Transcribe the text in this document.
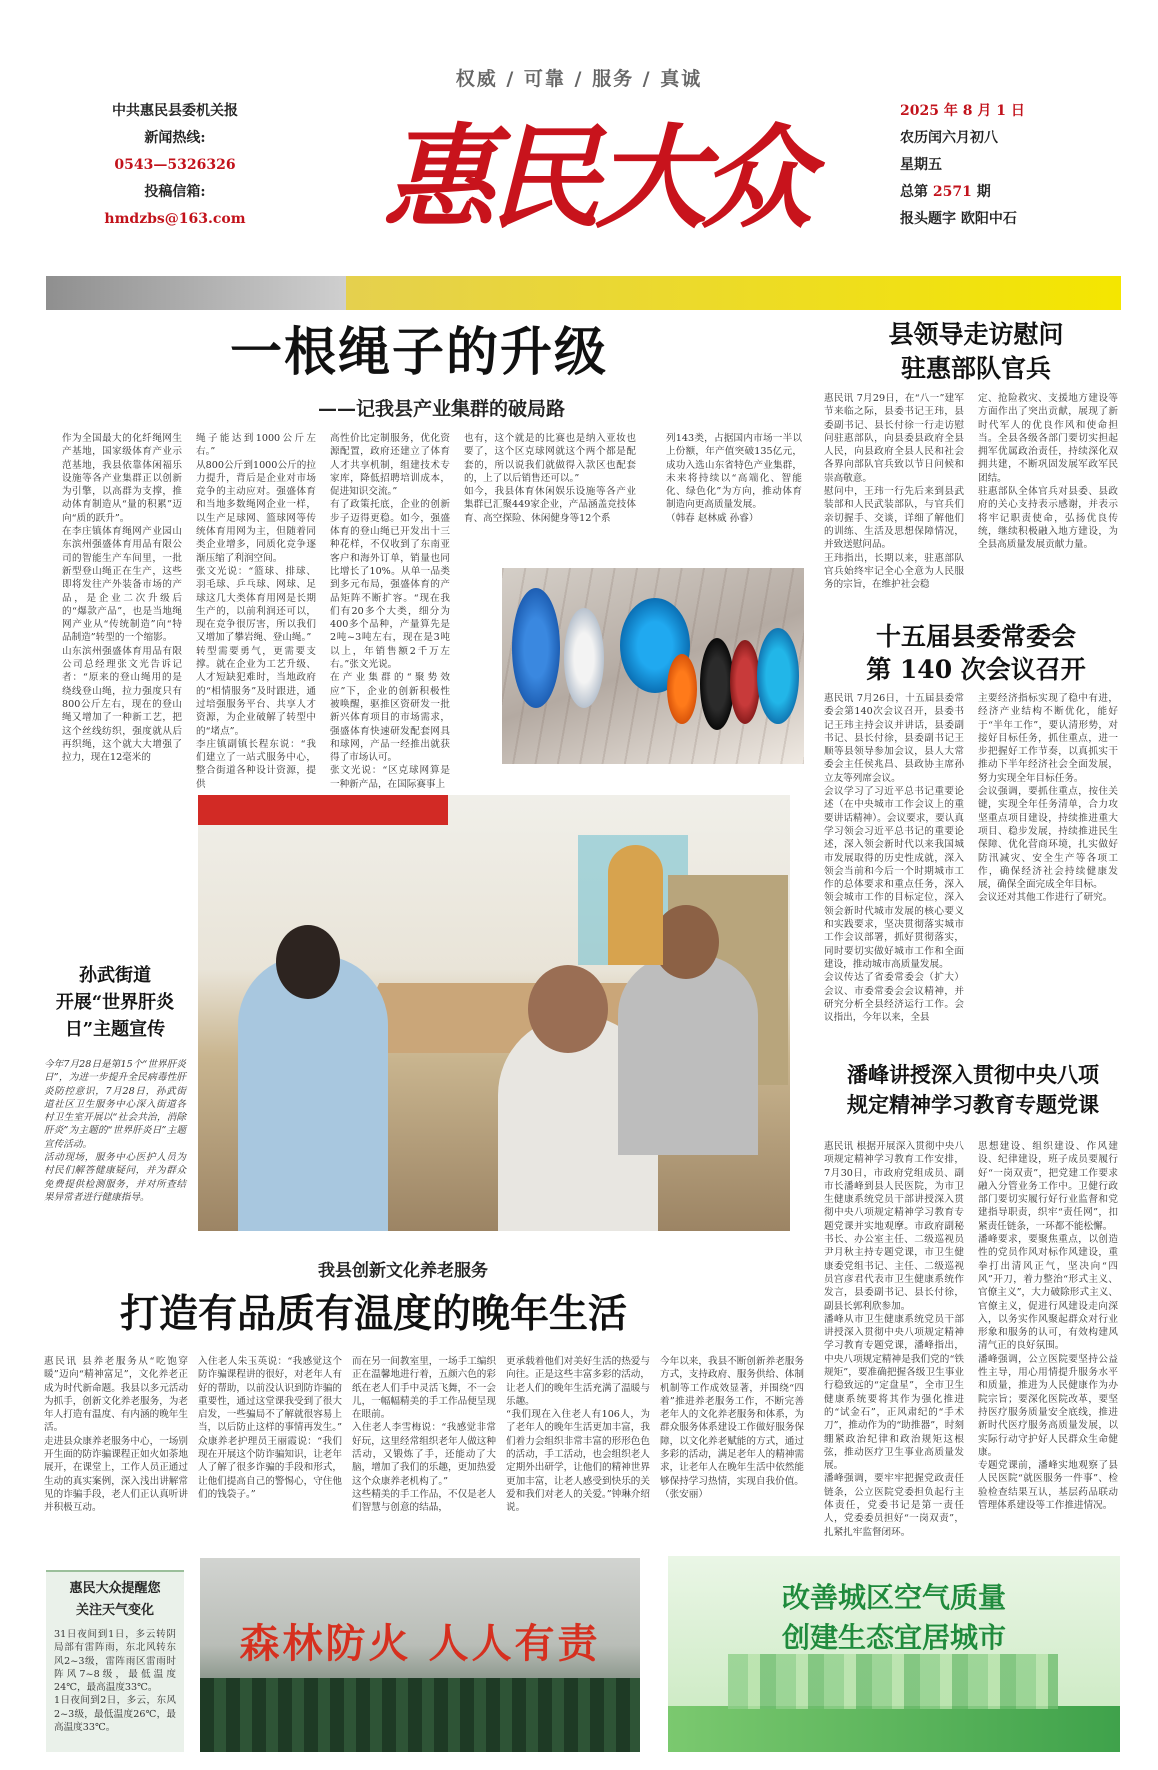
中共惠民县委机关报
新闻热线:
0543—5326326
投稿信箱:
hmdzbs@163.com
权威 / 可靠 / 服务 / 真诚
惠民大众
2025 年 8 月 1 日
农历闰六月初八
星期五
总第 2571 期
报头题字 欧阳中石
一根绳子的升级
——记我县产业集群的破局路
作为全国最大的化纤绳网生产基地，国家级体育产业示范基地，我县依靠体闲福乐设施等各产业集群正以创新为引擎，以高群为支撑，推动体育制造从“量的积累”迈向“质的跃升”。
在李庄镇体育绳网产业园山东滨州强盛体育用品有限公司的智能生产车间里，一批新型登山绳正在生产，这些即将发往产外装备市场的产品，是企业二次升级后的“爆款产品”，也是当地绳网产业从“传统制造”向“特品制造”转型的一个缩影。
山东滨州强盛体育用品有限公司总经理张文光告诉记者：“原来的登山绳用的是绕线登山绳，拉力强度只有800公斤左右，现在的登山绳又增加了一种新工艺，把这个丝线纺织，强度就从后再织绳，这个就大大增强了拉力，现在12毫米的
绳子能达到1000公斤左右。”
从800公斤到1000公斤的拉力提升，背后是企业对市场竞争的主动应对。强盛体育和当地多数绳网企业一样，以生产足球网、篮球网等传统体育用网为主，但随着同类企业增多，同质化竞争逐渐压缩了利润空间。
张文光说：“篮球、排球、羽毛球、乒乓球、网球、足球这几大类体育用网是长期生产的，以前利润还可以，现在竞争很厉害，所以我们又增加了攀岩绳、登山绳。”
转型需要勇气，更需要支撑。就在企业为工艺升级、人才短缺犯难时，当地政府的“相情服务”及时跟进，通过培强服务平台、共享人才资源，为企业破解了转型中的“堵点”。
李庄镇副镇长程东说：“我们建立了一站式服务中心，整合街道各种设计资源，提供
高性价比定制服务，优化资源配置，政府还建立了体育人才共享机制，组建技术专家库，降低招聘培训成本，促进知识交流。”
有了政策托底，企业的创新步子迈得更稳。如今，强盛体育的登山绳已开发出十三种花样，不仅收到了东南亚客户和海外订单，销量也同比增长了10%。从单一品类到多元布局，强盛体育的产品矩阵不断扩容。“现在我们有20多个大类，细分为400多个品种，产量算先是2吨~3吨左右，现在是3吨以上，年销售额2千万左右。”张文光说。
在产业集群的“聚势效应”下，企业的创新积极性被唤醒，驱推区资研发一批新兴体育项目的市场需求，强盛体育快速研发配套网具和球网，产品一经推出就获得了市场认可。
张文光说：“区克球网算是一种新产品，在国际赛事上
也有，这个就是的比赛也是纳入亚妆也要了，这个区克球网就这个两个都是配套的，所以说我们就做得入款区也配套的，上了以后销售还可以。”
如今，我县体育休闲娱乐设施等各产业集群已汇聚449家企业，产品涵盖竞技体育、高空探险、休闲健身等12个系
列143类，占据国内市场一半以上份额，年产值突破135亿元，成功入选山东省特色产业集群，未来将持续以“高端化、智能化、绿色化”为方向，推动体育制造向更高质量发展。
（韩春 赵林威 孙睿）
县领导走访慰问
驻惠部队官兵
惠民讯 7月29日，在“八一”建军节来临之际，县委书记王玮，县委副书记、县长付徐一行走访慰问驻惠部队，向县委县政府全县人民，向县政府全县人民和社会各界向部队官兵致以节日问候和崇高敬意。
慰问中，王玮一行先后来到县武装部和人民武装部队，与官兵们亲切握手、交谈，详细了解他们的训练、生活及思想保障情况，并致送慰问品。
王玮指出，长期以来，驻惠部队官兵始终牢记全心全意为人民服务的宗旨，在维护社会稳
定、抢险救灾、支援地方建设等方面作出了突出贡献，展现了新时代军人的优良作风和使命担当。全县各级各部门要切实担起拥军优属政治责任，持续深化双拥共建，不断巩固发展军政军民团结。
驻惠部队全体官兵对县委、县政府的关心支持表示感谢，并表示将牢记职责使命，弘扬优良传统，继续积极融入地方建设，为全县高质量发展贡献力量。
十五届县委常委会
第 140 次会议召开
惠民讯 7月26日，十五届县委常委会第140次会议召开，县委书记王玮主持会议并讲话，县委副书记、县长付徐，县委副书记王顺等县领导参加会议，县人大常委会主任侯兆昌、县政协主席孙立友等列席会议。
会议学习了习近平总书记重要论述（在中央城市工作会议上的重要讲话精神）。会议要求，要认真学习领会习近平总书记的重要论述，深入领会新时代以来我国城市发展取得的历史性成就，深入领会当前和今后一个时期城市工作的总体要求和重点任务，深入领会城市工作的目标定位，深入领会新时代城市发展的核心要义和实践要求，坚决贯彻落实城市工作会议部署，抓好贯彻落实，同时要切实做好城市工作和全面建设，推动城市高质量发展。
会议传达了省委常委会（扩大）会议、市委常委会会议精神，并研究分析全县经济运行工作。会议指出，今年以来，全县
主要经济指标实现了稳中有进，经济产业结构不断优化，能好于“半年工作”，要认清形势，对接好目标任务，抓住重点，进一步把握好工作节奏，以真抓实干推动下半年经济社会全面发展，努力实现全年目标任务。
会议强调，要抓住重点，按住关键，实现全年任务清单，合力攻坚重点项目建设，持续推进重大项目、稳步发展，持续推进民生保障、优化营商环境，扎实做好防汛减灾、安全生产等各项工作，确保经济社会持续健康发展，确保全面完成全年目标。
会议还对其他工作进行了研究。
潘峰讲授深入贯彻中央八项
规定精神学习教育专题党课
惠民讯 根据开展深入贯彻中央八项规定精神学习教育工作安排，7月30日，市政府党组成员、副市长潘峰到县人民医院，为市卫生健康系统党员干部讲授深入贯彻中央八项规定精神学习教育专题党课并实地观摩。市政府副秘书长、办公室主任、二级巡视员尹月秋主持专题党课，市卫生健康委党组书记、主任、二级巡视员宫彦君代表市卫生健康系统作发言，县委副书记、县长付徐，副县长郭利欣参加。
潘峰从市卫生健康系统党员干部讲授深入贯彻中央八项规定精神学习教育专题党课，潘峰指出，中央八项规定精神是我们党的“铁规矩”，要准确把握各级卫生事业行稳致远的“定盘星”，全市卫生健康系统要将其作为强化推进的“试金石”，正风肃纪的“手术刀”，推动作为的“助推器”，时刻绷紧政治纪律和政治规矩这根弦，推动医疗卫生事业高质量发展。
潘峰强调，要牢牢把握党政责任链条，公立医院党委担负起行主体责任，党委书记是第一责任人，党委委员担好“一岗双责”，扎紧扎牢监督闭环。
思想建设、组织建设、作风建设、纪律建设，班子成员要履行好“一岗双责”，把党建工作要求融入分管业务工作中。卫健行政部门要切实履行好行业监督和党建指导职责，织牢“责任网”，扣紧责任链条，一环都不能松懈。
潘峰要求，要聚焦重点，以创造性的党员作风对标作风建设，重拳打出清风正气，坚决向“四风”开刀，着力整治“形式主义、官僚主义”，大力破除形式主义、官僚主义，促进行风建设走向深入，以务实作风聚起群众对行业形象和服务的认可，有效构建风清气正的良好氛围。
潘峰强调，公立医院要坚持公益性主导，用心用情提升服务水平和质量，推进为人民健康作为办院宗旨；要深化医院改革，要坚持医疗服务质量安全底线，推进新时代医疗服务高质量发展，以实际行动守护好人民群众生命健康。
专题党课前，潘峰实地观察了县人民医院“就医服务一件事”、检验检查结果互认，基层药品联动管理体系建设等工作推进情况。
孙武街道
开展“世界肝炎
日”主题宣传
今年7月28日是第15个“世界肝炎日”，为进一步提升全民病毒性肝炎防控意识，7月28日，孙武街道社区卫生服务中心深入街道各村卫生室开展以“社会共治，消除肝炎”为主题的“世界肝炎日”主题宣传活动。
活动现场，服务中心医护人员为村民们解答健康疑问，并为群众免费提供检测服务，并对所查结果异常者进行健康指导。
我县创新文化养老服务
打造有品质有温度的晚年生活
惠民讯 县养老服务从“吃饱穿暖”迈向“精神富足”，文化养老正成为时代新命题。我县以多元活动为抓手，创新文化养老服务，为老年人打造有温度、有内涵的晚年生活。
走进县众康养老服务中心，一场别开生面的防诈骗课程正如火如荼地展开，在课堂上，工作人员正通过生动的真实案例，深入浅出讲解常见的诈骗手段，老人们正认真听讲并积极互动。
入住老人朱玉英说：“我感觉这个防诈骗课程讲的很好，对老年人有好的帮助，以前没认识到防诈骗的重要性，通过这堂课我受到了很大启发，一些骗局不了解就很容易上当，以后防止这样的事情再发生。”
众康养老护理员王丽霞说：“我们现在开展这个防诈骗知识，让老年人了解了很多诈骗的手段和形式，让他们提高自己的警惕心，守住他们的钱袋子。”
而在另一间教室里，一场手工编织正在温馨地进行着，五颜六色的彩纸在老人们手中灵活飞舞，不一会儿，一幅幅精美的手工作品便呈现在眼前。
入住老人李雪梅说：“我感觉非常好玩，这里经常组织老年人做这种活动，又锻炼了手，还能动了大脑，增加了我们的乐趣，更加热爱这个众康养老机构了。”
这些精美的手工作品，不仅是老人们智慧与创意的结晶，
更承载着他们对美好生活的热爱与向往。正是这些丰富多彩的活动，让老人们的晚年生活充满了温暖与乐趣。
“我们现在入住老人有106人，为了老年人的晚年生活更加丰富，我们着力会组织非常丰富的形形色色的活动，手工活动，也会组织老人定期外出研学，让他们的精神世界更加丰富，让老人感受到快乐的关爱和我们对老人的关爱。”钟琳介绍说。
今年以来，我县不断创新养老服务方式，支持政府、服务供给、体制机制等工作成效显著，并围绕“四着”推进养老服务工作，不断完善老年人的文化养老服务和体系，为群众服务体系建设工作做好服务保障，以文化养老赋能的方式，通过多彩的活动，满足老年人的精神需求，让老年人在晚年生活中依然能够保持学习热情，实现自我价值。
（张安丽）
惠民大众提醒您
关注天气变化
31日夜间到1日，多云转阴局部有雷阵雨，东北风转东风2~3级，雷阵雨区雷雨时阵风7~8级，最低温度24℃，最高温度33℃。
1日夜间到2日，多云，东风2~3级，最低温度26℃，最高温度33℃。
森林防火 人人有责
改善城区空气质量
创建生态宜居城市
